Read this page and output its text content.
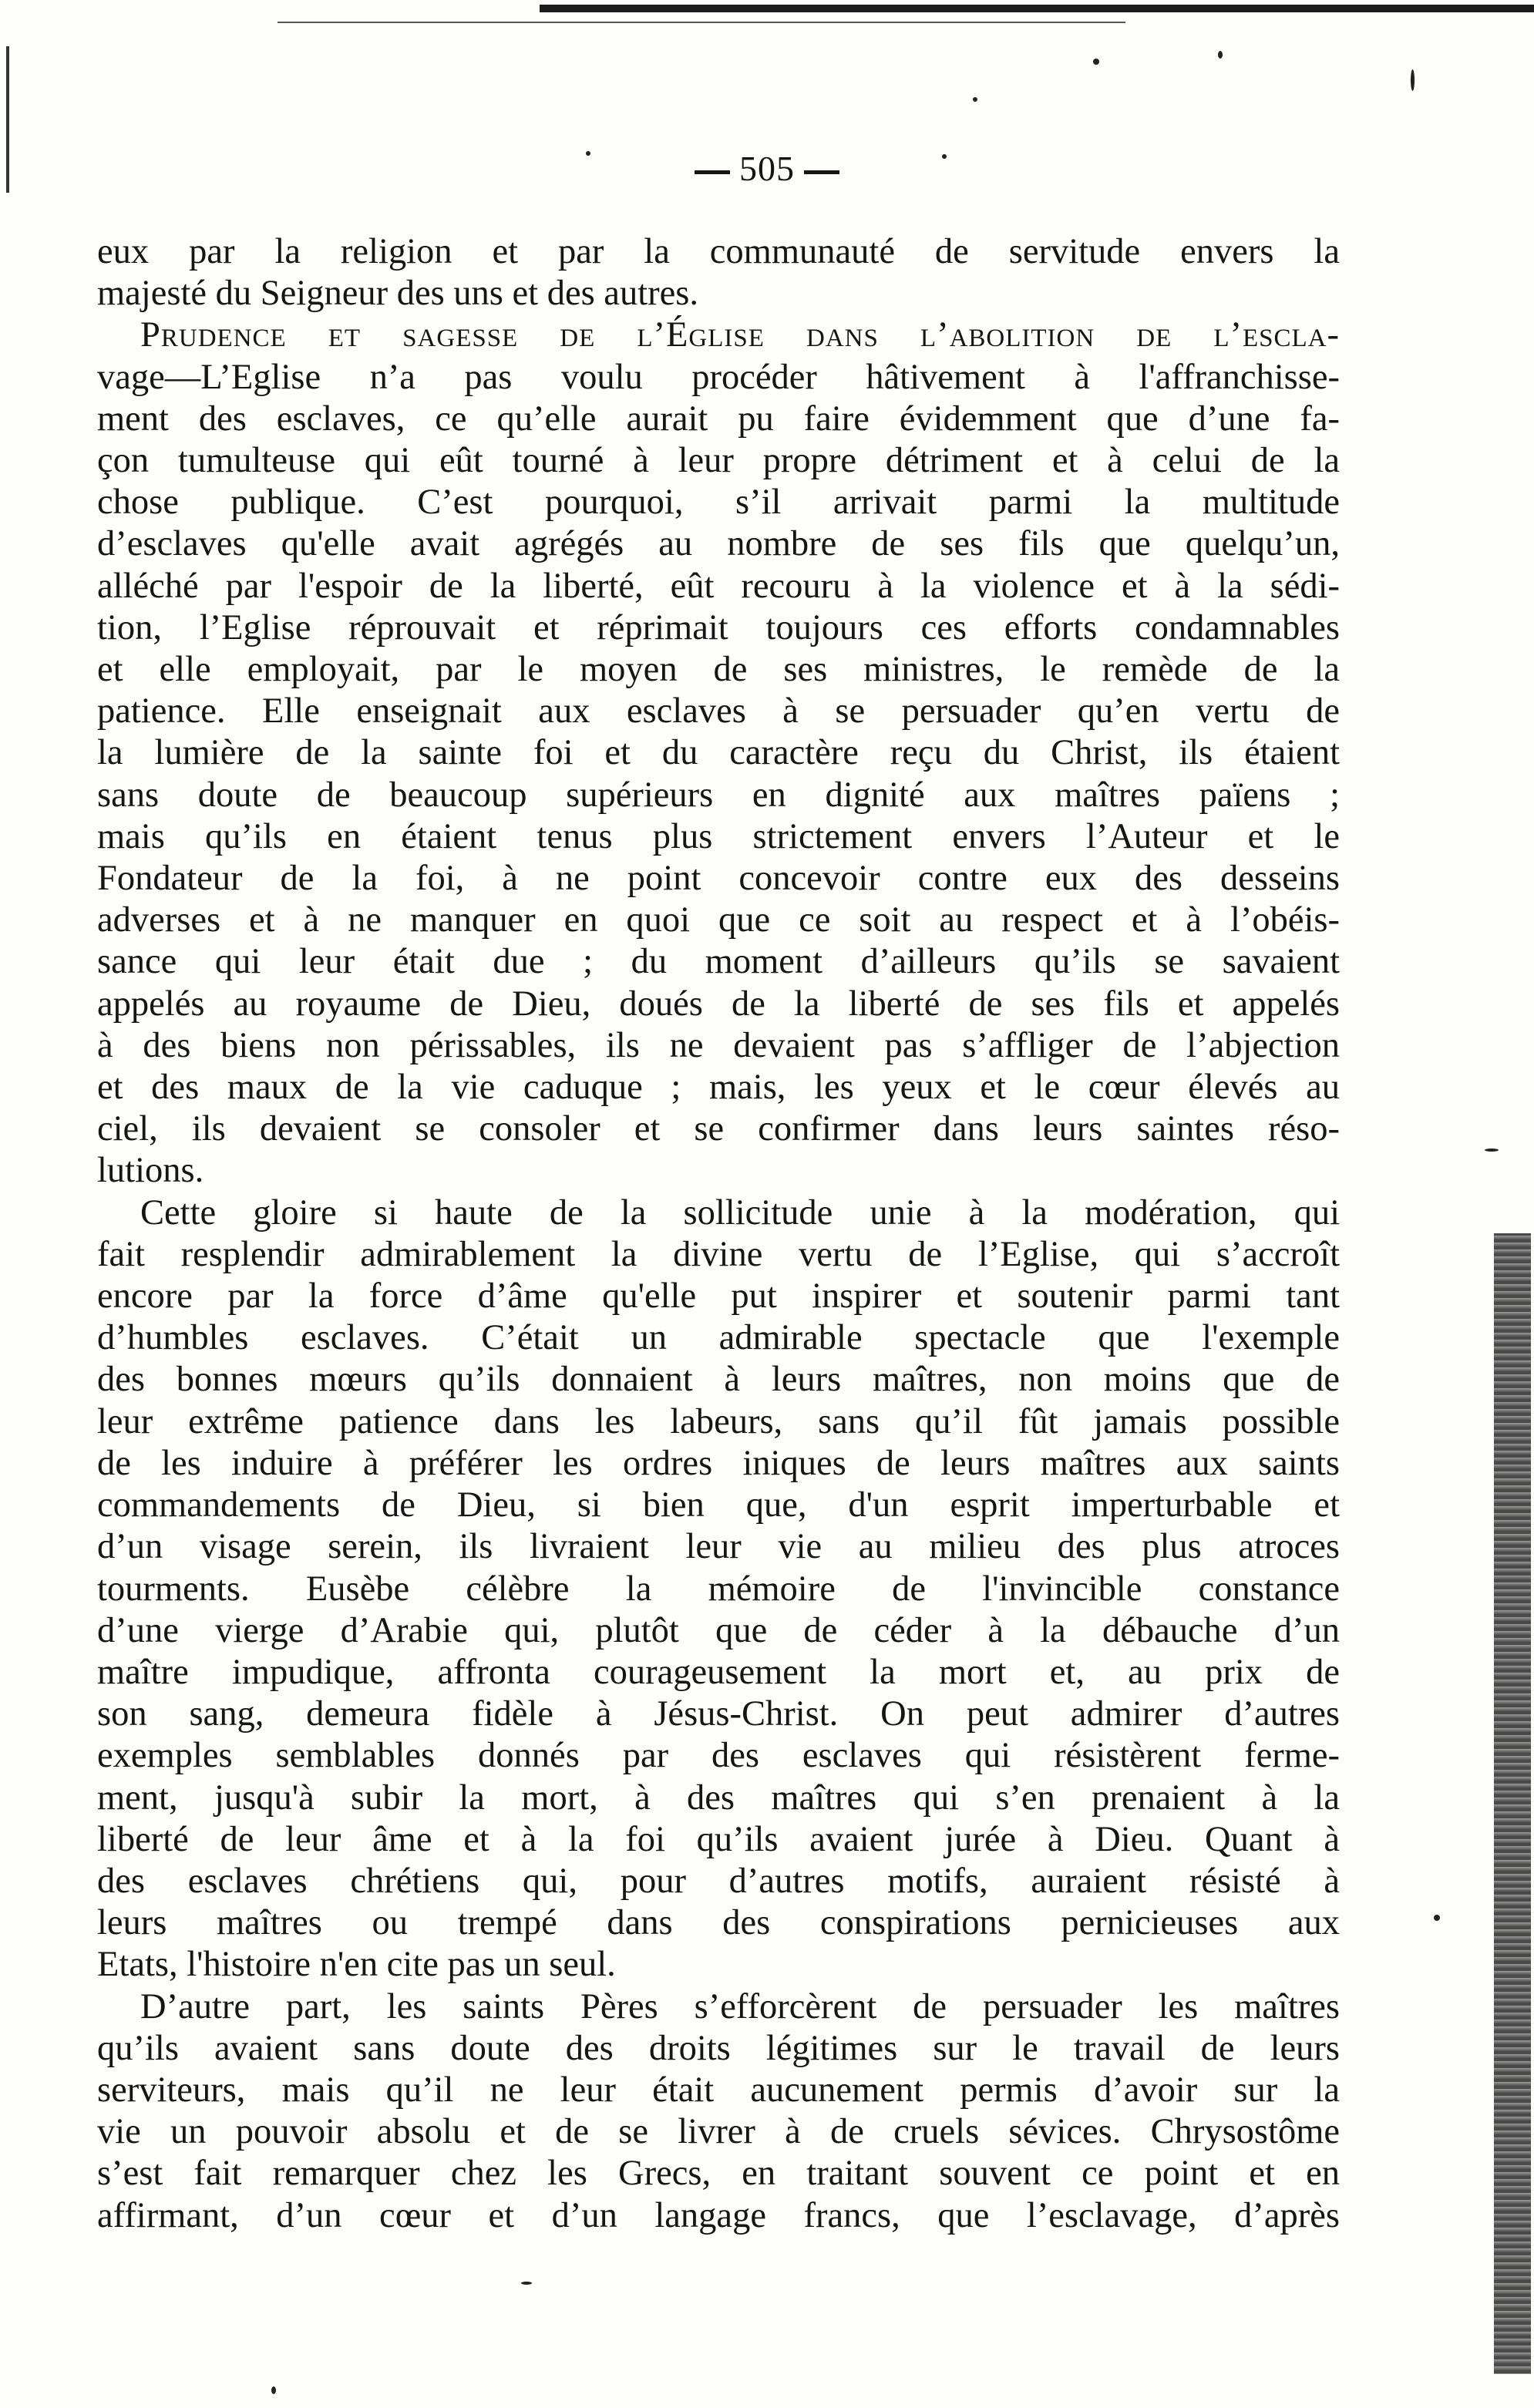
505
eux par la religion et par la communauté de servitude envers la
majesté du Seigneur des uns et des autres.
Prudence et sagesse de l’Église dans l’abolition de l’escla-
vage—L’Eglise n’a pas voulu procéder hâtivement à l'affranchisse-
ment des esclaves, ce qu’elle aurait pu faire évidemment que d’une fa-
çon tumulteuse qui eût tourné à leur propre détriment et à celui de la
chose publique. C’est pourquoi, s’il arrivait parmi la multitude
d’esclaves qu'elle avait agrégés au nombre de ses fils que quelqu’un,
alléché par l'espoir de la liberté, eût recouru à la violence et à la sédi-
tion, l’Eglise réprouvait et réprimait toujours ces efforts condamnables
et elle employait, par le moyen de ses ministres, le remède de la
patience. Elle enseignait aux esclaves à se persuader qu’en vertu de
la lumière de la sainte foi et du caractère reçu du Christ, ils étaient
sans doute de beaucoup supérieurs en dignité aux maîtres païens ;
mais qu’ils en étaient tenus plus strictement envers l’Auteur et le
Fondateur de la foi, à ne point concevoir contre eux des desseins
adverses et à ne manquer en quoi que ce soit au respect et à l’obéis-
sance qui leur était due ; du moment d’ailleurs qu’ils se savaient
appelés au royaume de Dieu, doués de la liberté de ses fils et appelés
à des biens non périssables, ils ne devaient pas s’affliger de l’abjection
et des maux de la vie caduque ; mais, les yeux et le cœur élevés au
ciel, ils devaient se consoler et se confirmer dans leurs saintes réso-
lutions.
Cette gloire si haute de la sollicitude unie à la modération, qui
fait resplendir admirablement la divine vertu de l’Eglise, qui s’accroît
encore par la force d’âme qu'elle put inspirer et soutenir parmi tant
d’humbles esclaves. C’était un admirable spectacle que l'exemple
des bonnes mœurs qu’ils donnaient à leurs maîtres, non moins que de
leur extrême patience dans les labeurs, sans qu’il fût jamais possible
de les induire à préférer les ordres iniques de leurs maîtres aux saints
commandements de Dieu, si bien que, d'un esprit imperturbable et
d’un visage serein, ils livraient leur vie au milieu des plus atroces
tourments. Eusèbe célèbre la mémoire de l'invincible constance
d’une vierge d’Arabie qui, plutôt que de céder à la débauche d’un
maître impudique, affronta courageusement la mort et, au prix de
son sang, demeura fidèle à Jésus-Christ. On peut admirer d’autres
exemples semblables donnés par des esclaves qui résistèrent ferme-
ment, jusqu'à subir la mort, à des maîtres qui s’en prenaient à la
liberté de leur âme et à la foi qu’ils avaient jurée à Dieu. Quant à
des esclaves chrétiens qui, pour d’autres motifs, auraient résisté à
leurs maîtres ou trempé dans des conspirations pernicieuses aux
Etats, l'histoire n'en cite pas un seul.
D’autre part, les saints Pères s’efforcèrent de persuader les maîtres
qu’ils avaient sans doute des droits légitimes sur le travail de leurs
serviteurs, mais qu’il ne leur était aucunement permis d’avoir sur la
vie un pouvoir absolu et de se livrer à de cruels sévices. Chrysostôme
s’est fait remarquer chez les Grecs, en traitant souvent ce point et en
affirmant, d’un cœur et d’un langage francs, que l’esclavage, d’après
